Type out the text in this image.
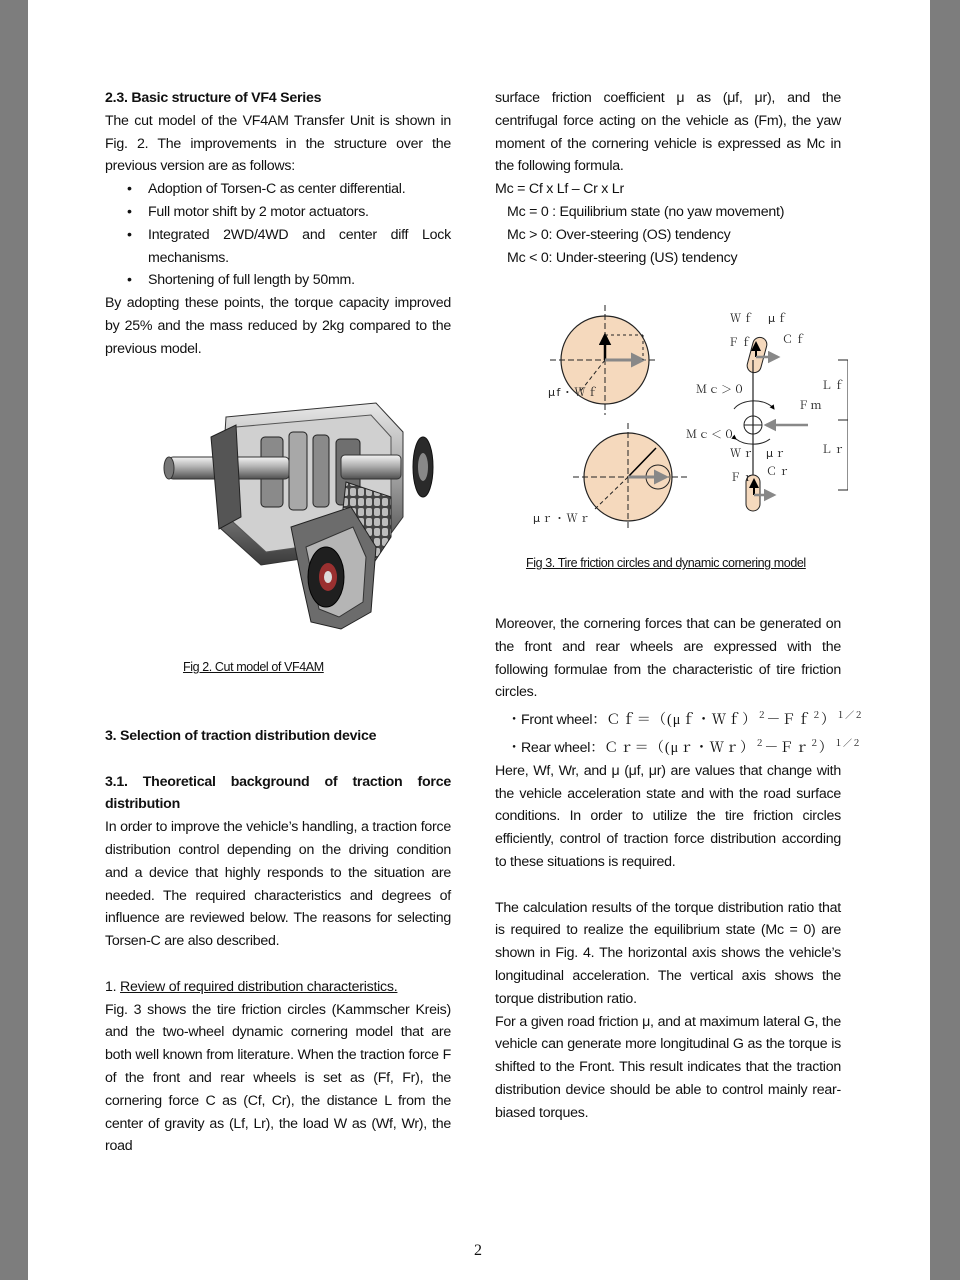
2.3. Basic structure of VF4 Series

The cut model of the VF4AM Transfer Unit is shown in Fig. 2. The improvements in the structure over the previous version are as follows:

• Adoption of Torsen-C as center differential.
• Full motor shift by 2 motor actuators.
• Integrated 2WD/4WD and center diff Lock mechanisms.
• Shortening of full length by 50mm.

By adopting these points, the torque capacity improved by 25% and the mass reduced by 2kg compared to the previous model.

Fig 2. Cut model of VF4AM

3. Selection of traction distribution device

3.1. Theoretical background of traction force distribution

In order to improve the vehicle’s handling, a traction force distribution control depending on the driving condition and a device that highly responds to the situation are needed. The required characteristics and degrees of influence are reviewed below. The reasons for selecting Torsen-C are also described.

1. Review of required distribution characteristics.

Fig. 3 shows the tire friction circles (Kammscher Kreis) and the two-wheel dynamic cornering model that are both well known from literature. When the traction force F of the front and rear wheels is set as (Ff, Fr), the cornering force C as (Cf, Cr), the distance L from the center of gravity as (Lf, Lr), the load W as (Wf, Wr), the road

surface friction coefficient μ as (μf, μr), and the centrifugal force acting on the vehicle as (Fm), the yaw moment of the cornering vehicle is expressed as Mc in the following formula.

Mc = Cf x Lf – Cr x Lr

Mc = 0 : Equilibrium state (no yaw movement)

Mc > 0: Over-steering (OS) tendency

Mc < 0: Under-steering (US) tendency

Ｗｆ μｆ
Ｆｆ	Ｃｆ
μf・Ｗｆ	Ｍｃ＞０	Ｌｆ
Ｆｍ
Ｍｃ＜０
Ｗｒ μｒ	Ｌｒ
Ｆｒ Ｃｒ
μｒ・Ｗｒ
Fig 3. Tire friction circles and dynamic cornering model

Moreover, the cornering forces that can be generated on the front and rear wheels are expressed with the following formulae from the characteristic of tire friction circles.

・Front wheel：Ｃｆ＝（(μｆ・Ｗｆ）$^2$－Ｆｆ$^2$）$^{1/2}$

・Rear wheel：Ｃｒ＝（(μｒ・Ｗｒ）$^2$－Ｆｒ$^2$）$^{1/2}$

Here, Wf, Wr, and μ (μf, μr) are values that change with the vehicle acceleration state and with the road surface conditions. In order to utilize the tire friction circles efficiently, control of traction force distribution according to these situations is required.

The calculation results of the torque distribution ratio that is required to realize the equilibrium state (Mc = 0) are shown in Fig. 4. The horizontal axis shows the vehicle’s longitudinal acceleration. The vertical axis shows the torque distribution ratio.

For a given road friction μ, and at maximum lateral G, the vehicle can generate more longitudinal G as the torque is shifted to the Front. This result indicates that the traction distribution device should be able to control mainly rear-biased torques.

2
